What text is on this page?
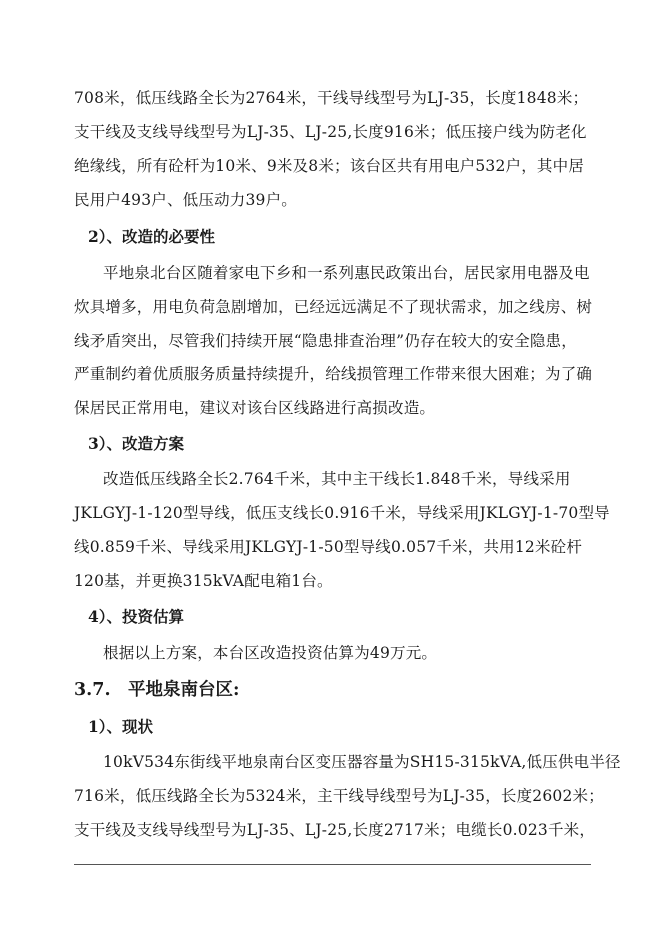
708米，低压线路全长为2764米，干线导线型号为LJ-35，长度1848米；
支干线及支线导线型号为LJ-35、LJ-25,长度916米；低压接户线为防老化
绝缘线，所有砼杆为10米、9米及8米；该台区共有用电户532户，其中居
民用户493户、低压动力39户。
2）、改造的必要性
平地泉北台区随着家电下乡和一系列惠民政策出台，居民家用电器及电
炊具增多，用电负荷急剧增加，已经远远满足不了现状需求，加之线房、树
线矛盾突出，尽管我们持续开展“隐患排查治理”仍存在较大的安全隐患，
严重制约着优质服务质量持续提升，给线损管理工作带来很大困难；为了确
保居民正常用电，建议对该台区线路进行高损改造。
3）、改造方案
改造低压线路全长2.764千米，其中主干线长1.848千米，导线采用
JKLGYJ-1-120型导线，低压支线长0.916千米，导线采用JKLGYJ-1-70型导
线0.859千米、导线采用JKLGYJ-1-50型导线0.057千米，共用12米砼杆
120基，并更换315kVA配电箱1台。
4）、投资估算
根据以上方案，本台区改造投资估算为49万元。
3.7.　平地泉南台区:
1）、现状
10kV534东街线平地泉南台区变压器容量为SH15-315kVA,低压供电半径
716米，低压线路全长为5324米，主干线导线型号为LJ-35，长度2602米；
支干线及支线导线型号为LJ-35、LJ-25,长度2717米；电缆长0.023千米，
